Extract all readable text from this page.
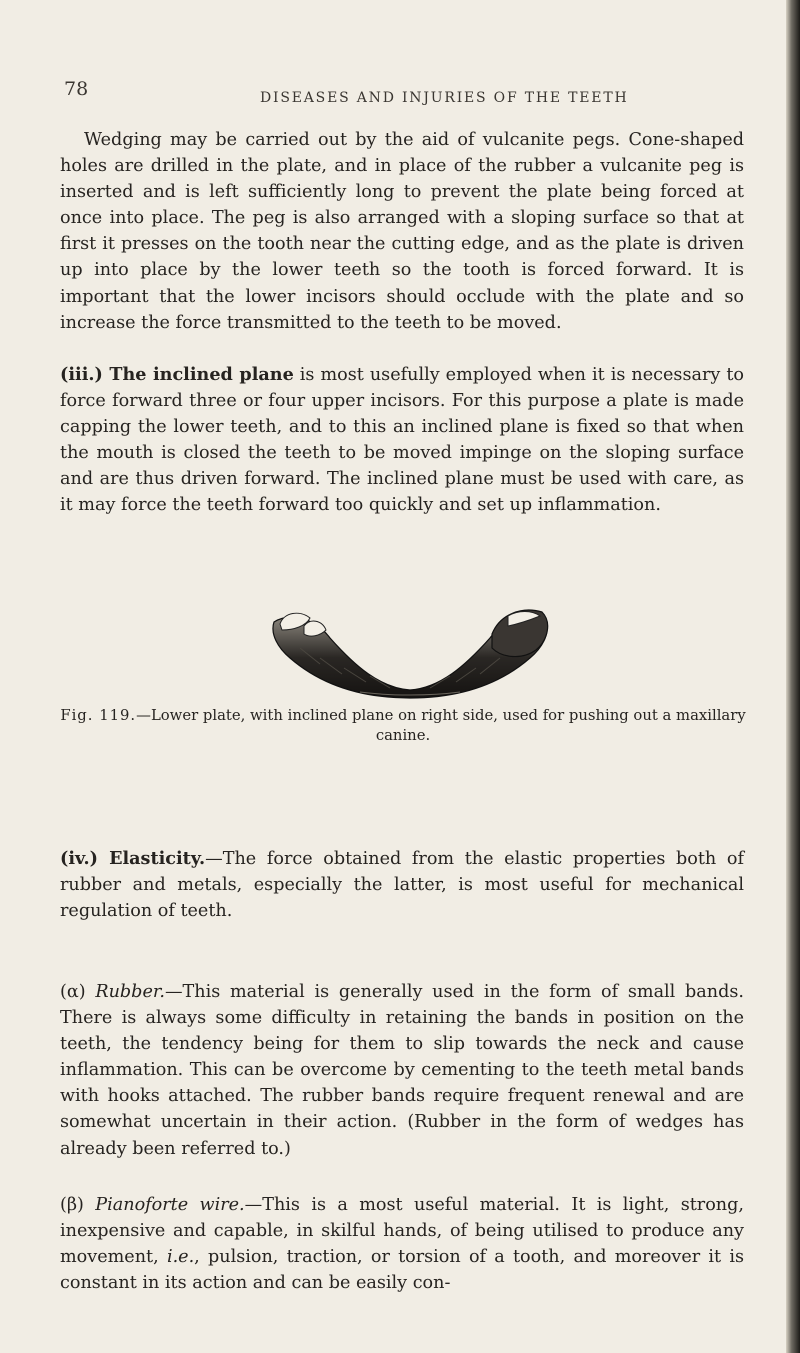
78	DISEASES AND INJURIES OF THE TEETH

Wedging may be carried out by the aid of vulcanite pegs. Cone-shaped holes are drilled in the plate, and in place of the rubber a vulcanite peg is inserted and is left sufficiently long to prevent the plate being forced at once into place. The peg is also arranged with a sloping surface so that at first it presses on the tooth near the cutting edge, and as the plate is driven up into place by the lower teeth so the tooth is forced forward. It is important that the lower incisors should occlude with the plate and so increase the force transmitted to the teeth to be moved.

(iii.) The inclined plane is most usefully employed when it is necessary to force forward three or four upper incisors. For this purpose a plate is made capping the lower teeth, and to this an inclined plane is fixed so that when the mouth is closed the teeth to be moved impinge on the sloping surface and are thus driven forward. The inclined plane must be used with care, as it may force the teeth forward too quickly and set up inflammation.

Fig. 119.—Lower plate, with inclined plane on right side, used for pushing out a maxillary canine.

(iv.) Elasticity.—The force obtained from the elastic properties both of rubber and metals, especially the latter, is most useful for mechanical regulation of teeth.

(α) Rubber.—This material is generally used in the form of small bands. There is always some difficulty in retaining the bands in position on the teeth, the tendency being for them to slip towards the neck and cause inflammation. This can be overcome by cementing to the teeth metal bands with hooks attached. The rubber bands require frequent renewal and are somewhat uncertain in their action. (Rubber in the form of wedges has already been referred to.)

(β) Pianoforte wire.—This is a most useful material. It is light, strong, inexpensive and capable, in skilful hands, of being utilised to produce any movement, i.e., pulsion, traction, or torsion of a tooth, and moreover it is constant in its action and can be easily con-
